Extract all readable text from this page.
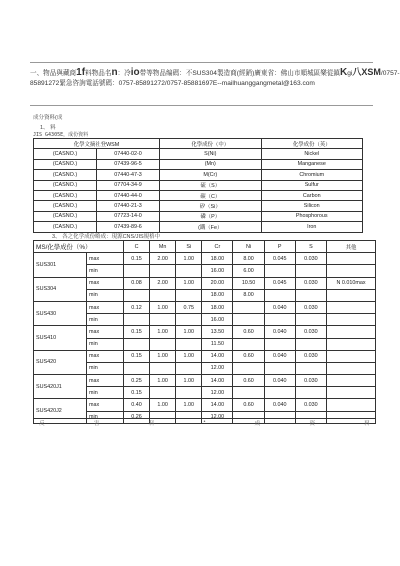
一、物品與藏商1f料物品名n：冷io带等物品编碼：不SUS304製造商(經銷)廣東省：佛山市順城區樂從鎮Kgi八XSM/0757-
85891272緊急咨詢電話號碼：0757-85891272/0757-85881697E--mailhuanggangmetal@163.com
成分資料(成
1、 料
JIS G4305E，成份資料
化學文摘社登WSM		化學成份（中）	化學成份（英）
(CASNO.)	07440-02-0	S(Ni)	Nickel
(CASNO.)	07439-96-5	(Mn)	Manganese
(CASNO.)	07440-47-3	M(Cr)	Chromium
(CASNO.)	07704-34-9	硫（S）	Sulfur
(CASNO.)	07440-44-0	碳（C）	Carbon
(CASNO.)	07440-21-3	矽（Si）	Silicon
(CASNO.)	07723-14-0	磷（P）	Phosphorous
(CASNO.)	07439-89-6	(鐵（Fe）	Iron
3、 各之化学成份略成：現源CNS/JIS規格中
MS/化學成份（%）		C	Mn	Si	Cr	Ni	P	S	其他
SUS301	max	0.15	2.00	1.00	18.00	8.00	0.045	0.030	
	min				16.00	6.00			
SUS304	max	0.08	2.00	1.00	20.00	10.50	0.045	0.030	N 0.010max
	min				18.00	8.00			
SUS430	max	0.12	1.00	0.75	18.00		0.040	0.030	
	min				16.00				
SUS410	max	0.15	1.00	1.00	13.50	0.60	0.040	0.030	
	min				11.50				
SUS420	max	0.15	1.00	1.00	14.00	0.60	0.040	0.030	
	min				12.00				
SUS420J1	max	0.25	1.00	1.00	14.00	0.60	0.040	0.030	
	min	0.15			12.00				
SUS420J2	max	0.40	1.00	1.00	14.00	0.60	0.040	0.030	
	min	0.26			12.00				
反	害	料	•	成	资	料
